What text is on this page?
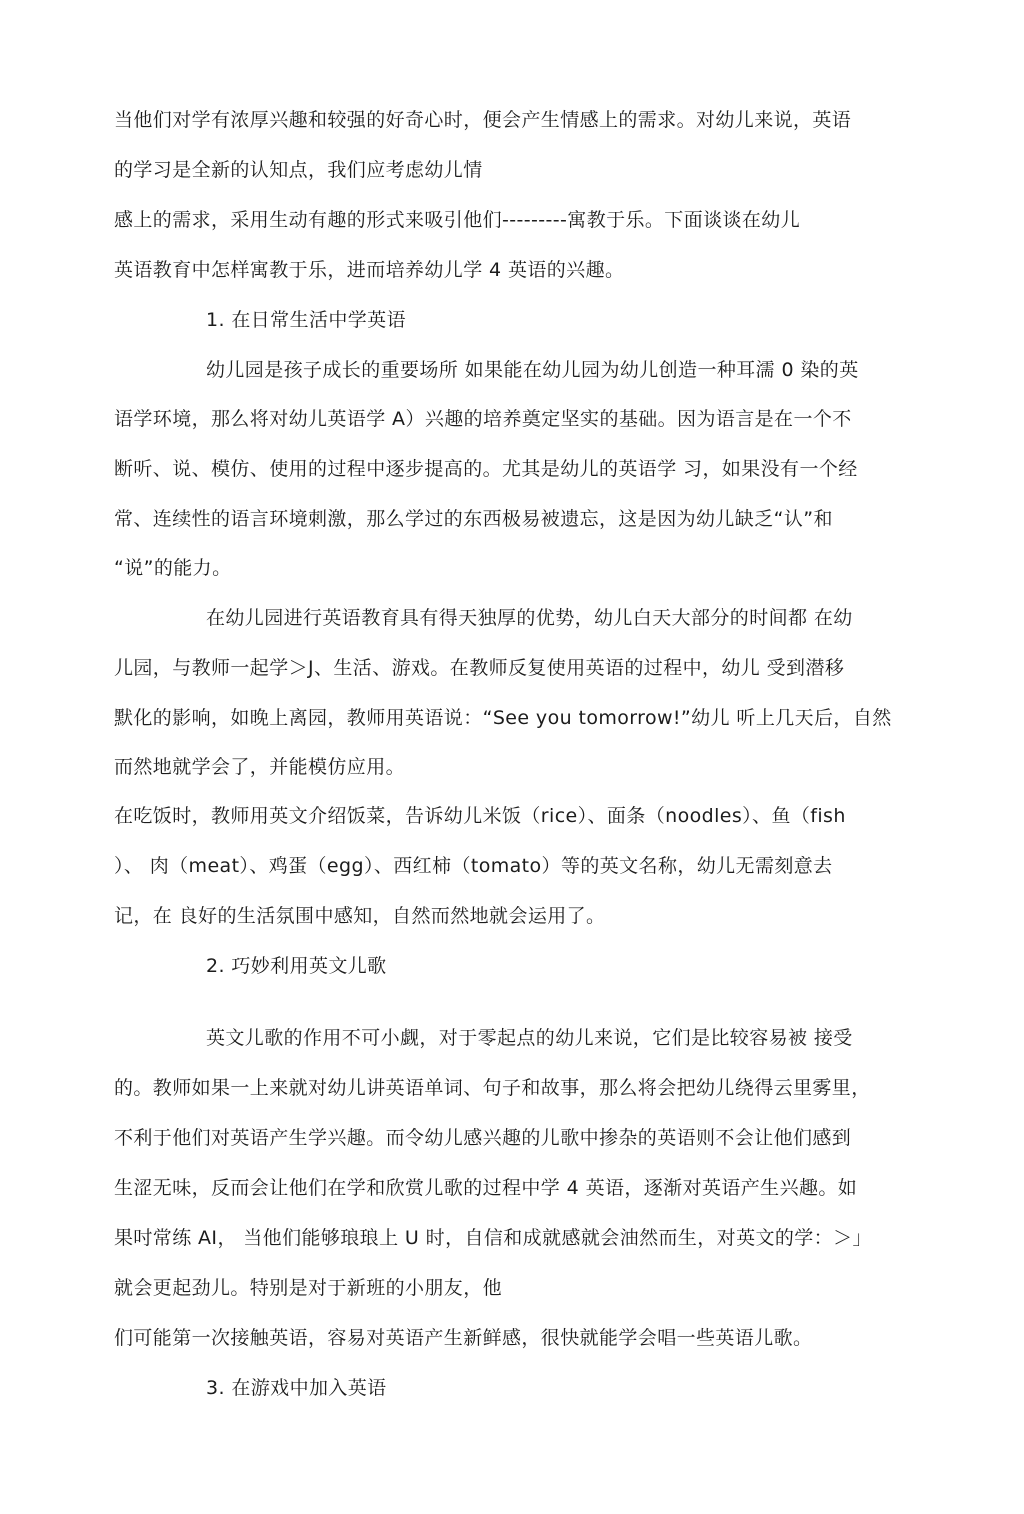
当他们对学有浓厚兴趣和较强的好奇心时，便会产生情感上的需求。对幼儿来说，英语
的学习是全新的认知点，我们应考虑幼儿情
感上的需求，采用生动有趣的形式来吸引他们---------寓教于乐。下面谈谈在幼儿
英语教育中怎样寓教于乐，进而培养幼儿学 4 英语的兴趣。
1. 在日常生活中学英语
幼儿园是孩子成长的重要场所 如果能在幼儿园为幼儿创造一种耳濡 0 染的英
语学环境，那么将对幼儿英语学 A）兴趣的培养奠定坚实的基础。因为语言是在一个不
断听、说、模仿、使用的过程中逐步提高的。尤其是幼儿的英语学 习，如果没有一个经
常、连续性的语言环境刺激，那么学过的东西极易被遗忘，这是因为幼儿缺乏“认”和
“说”的能力。
在幼儿园进行英语教育具有得天独厚的优势，幼儿白天大部分的时间都 在幼
儿园，与教师一起学＞J、生活、游戏。在教师反复使用英语的过程中，幼儿 受到潜移
默化的影响，如晚上离园，教师用英语说：“See you tomorrow!”幼儿 听上几天后，自然
而然地就学会了，并能模仿应用。
在吃饭时，教师用英文介绍饭菜，告诉幼儿米饭（rice）、面条（noodles）、鱼（fish
）、 肉（meat）、鸡蛋（egg）、西红柿（tomato）等的英文名称，幼儿无需刻意去
记，在 良好的生活氛围中感知，自然而然地就会运用了。
2. 巧妙利用英文儿歌
英文儿歌的作用不可小觑，对于零起点的幼儿来说，它们是比较容易被 接受
的。教师如果一上来就对幼儿讲英语单词、句子和故事，那么将会把幼儿绕得云里雾里，
不利于他们对英语产生学兴趣。而令幼儿感兴趣的儿歌中掺杂的英语则不会让他们感到
生涩无味，反而会让他们在学和欣赏儿歌的过程中学 4 英语，逐渐对英语产生兴趣。如
果吋常练 AI， 当他们能够琅琅上 U 时，自信和成就感就会油然而生，对英文的学：＞」
就会更起劲儿。特别是对于新班的小朋友，他
们可能第一次接触英语，容易对英语产生新鲜感，很快就能学会唱一些英语儿歌。
3. 在游戏中加入英语
